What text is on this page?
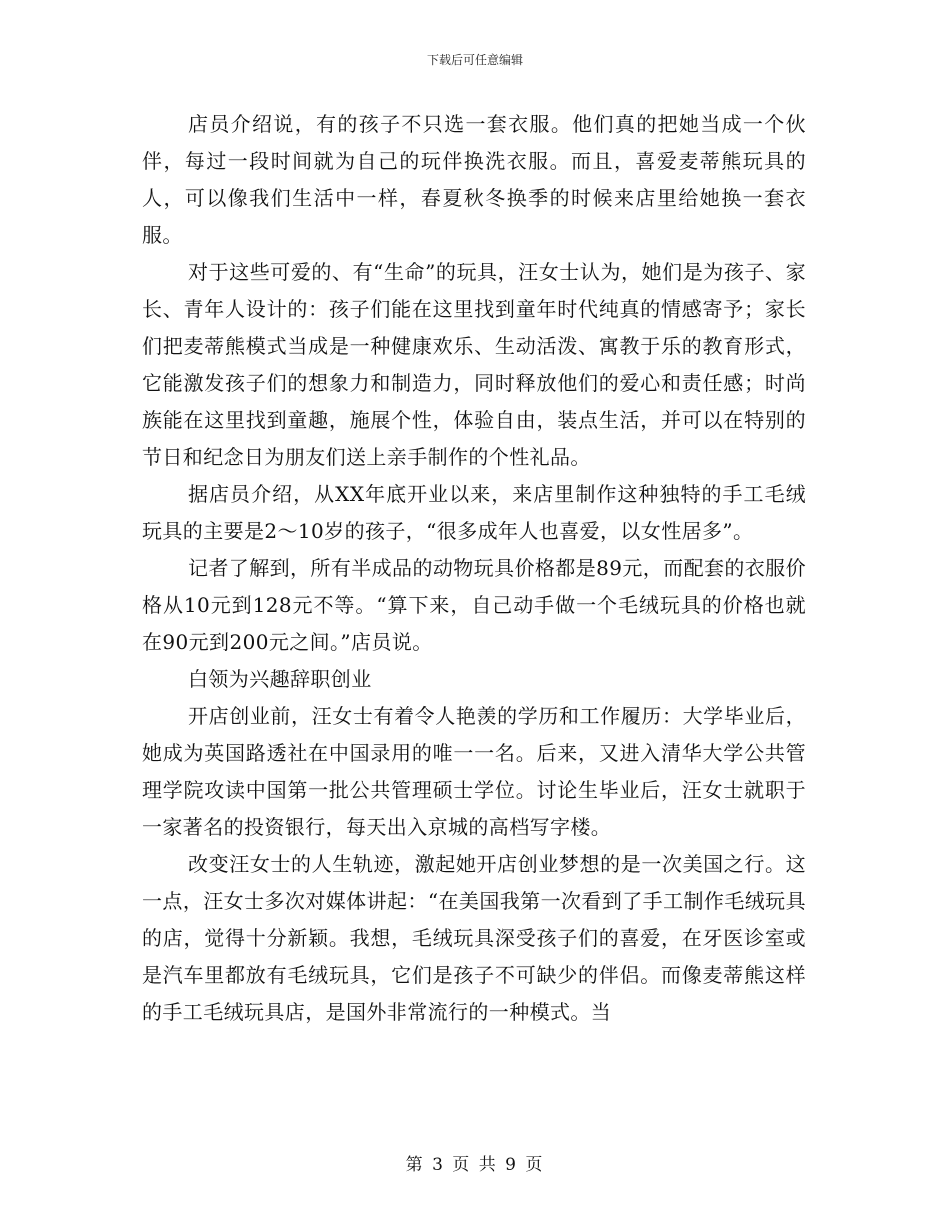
下载后可任意编辑

店员介绍说，有的孩子不只选一套衣服。他们真的把她当成一个伙伴，每过一段时间就为自己的玩伴换洗衣服。而且，喜爱麦蒂熊玩具的人，可以像我们生活中一样，春夏秋冬换季的时候来店里给她换一套衣服。

对于这些可爱的、有“生命”的玩具，汪女士认为，她们是为孩子、家长、青年人设计的：孩子们能在这里找到童年时代纯真的情感寄予；家长们把麦蒂熊模式当成是一种健康欢乐、生动活泼、寓教于乐的教育形式，它能激发孩子们的想象力和制造力，同时释放他们的爱心和责任感；时尚族能在这里找到童趣，施展个性，体验自由，装点生活，并可以在特别的节日和纪念日为朋友们送上亲手制作的个性礼品。

据店员介绍，从XX年底开业以来，来店里制作这种独特的手工毛绒玩具的主要是2～10岁的孩子，“很多成年人也喜爱，以女性居多”。

记者了解到，所有半成品的动物玩具价格都是89元，而配套的衣服价格从10元到128元不等。“算下来，自己动手做一个毛绒玩具的价格也就在90元到200元之间。”店员说。

白领为兴趣辞职创业

开店创业前，汪女士有着令人艳羡的学历和工作履历：大学毕业后，她成为英国路透社在中国录用的唯一一名。后来，又进入清华大学公共管理学院攻读中国第一批公共管理硕士学位。讨论生毕业后，汪女士就职于一家著名的投资银行，每天出入京城的高档写字楼。

改变汪女士的人生轨迹，激起她开店创业梦想的是一次美国之行。这一点，汪女士多次对媒体讲起：“在美国我第一次看到了手工制作毛绒玩具的店，觉得十分新颖。我想，毛绒玩具深受孩子们的喜爱，在牙医诊室或是汽车里都放有毛绒玩具，它们是孩子不可缺少的伴侣。而像麦蒂熊这样的手工毛绒玩具店，是国外非常流行的一种模式。当

第 3 页 共 9 页
